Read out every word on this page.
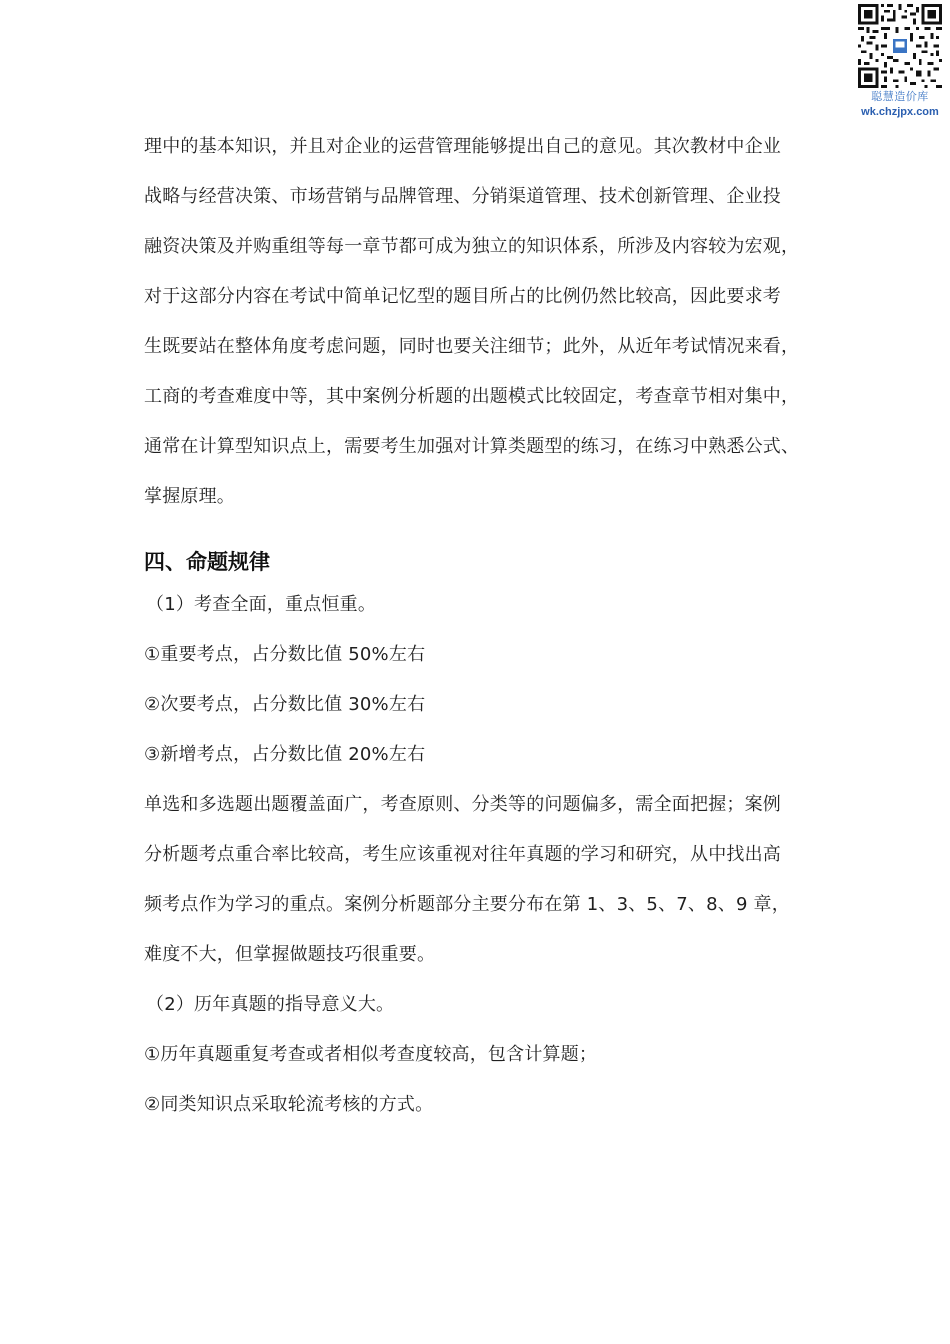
聪慧造价库
wk.chzjpx.com
理中的基本知识，并且对企业的运营管理能够提出自己的意见。其次教材中企业
战略与经营决策、市场营销与品牌管理、分销渠道管理、技术创新管理、企业投
融资决策及并购重组等每一章节都可成为独立的知识体系，所涉及内容较为宏观，
对于这部分内容在考试中简单记忆型的题目所占的比例仍然比较高，因此要求考
生既要站在整体角度考虑问题，同时也要关注细节；此外，从近年考试情况来看，
工商的考查难度中等，其中案例分析题的出题模式比较固定，考查章节相对集中，
通常在计算型知识点上，需要考生加强对计算类题型的练习，在练习中熟悉公式、
掌握原理。
四、命题规律
（1）考查全面，重点恒重。
①重要考点，占分数比值 50%左右
②次要考点，占分数比值 30%左右
③新增考点，占分数比值 20%左右
单选和多选题出题覆盖面广，考查原则、分类等的问题偏多，需全面把握；案例
分析题考点重合率比较高，考生应该重视对往年真题的学习和研究，从中找出高
频考点作为学习的重点。案例分析题部分主要分布在第 1、3、5、7、8、9 章，
难度不大，但掌握做题技巧很重要。
（2）历年真题的指导意义大。
①历年真题重复考查或者相似考查度较高，包含计算题；
②同类知识点采取轮流考核的方式。
